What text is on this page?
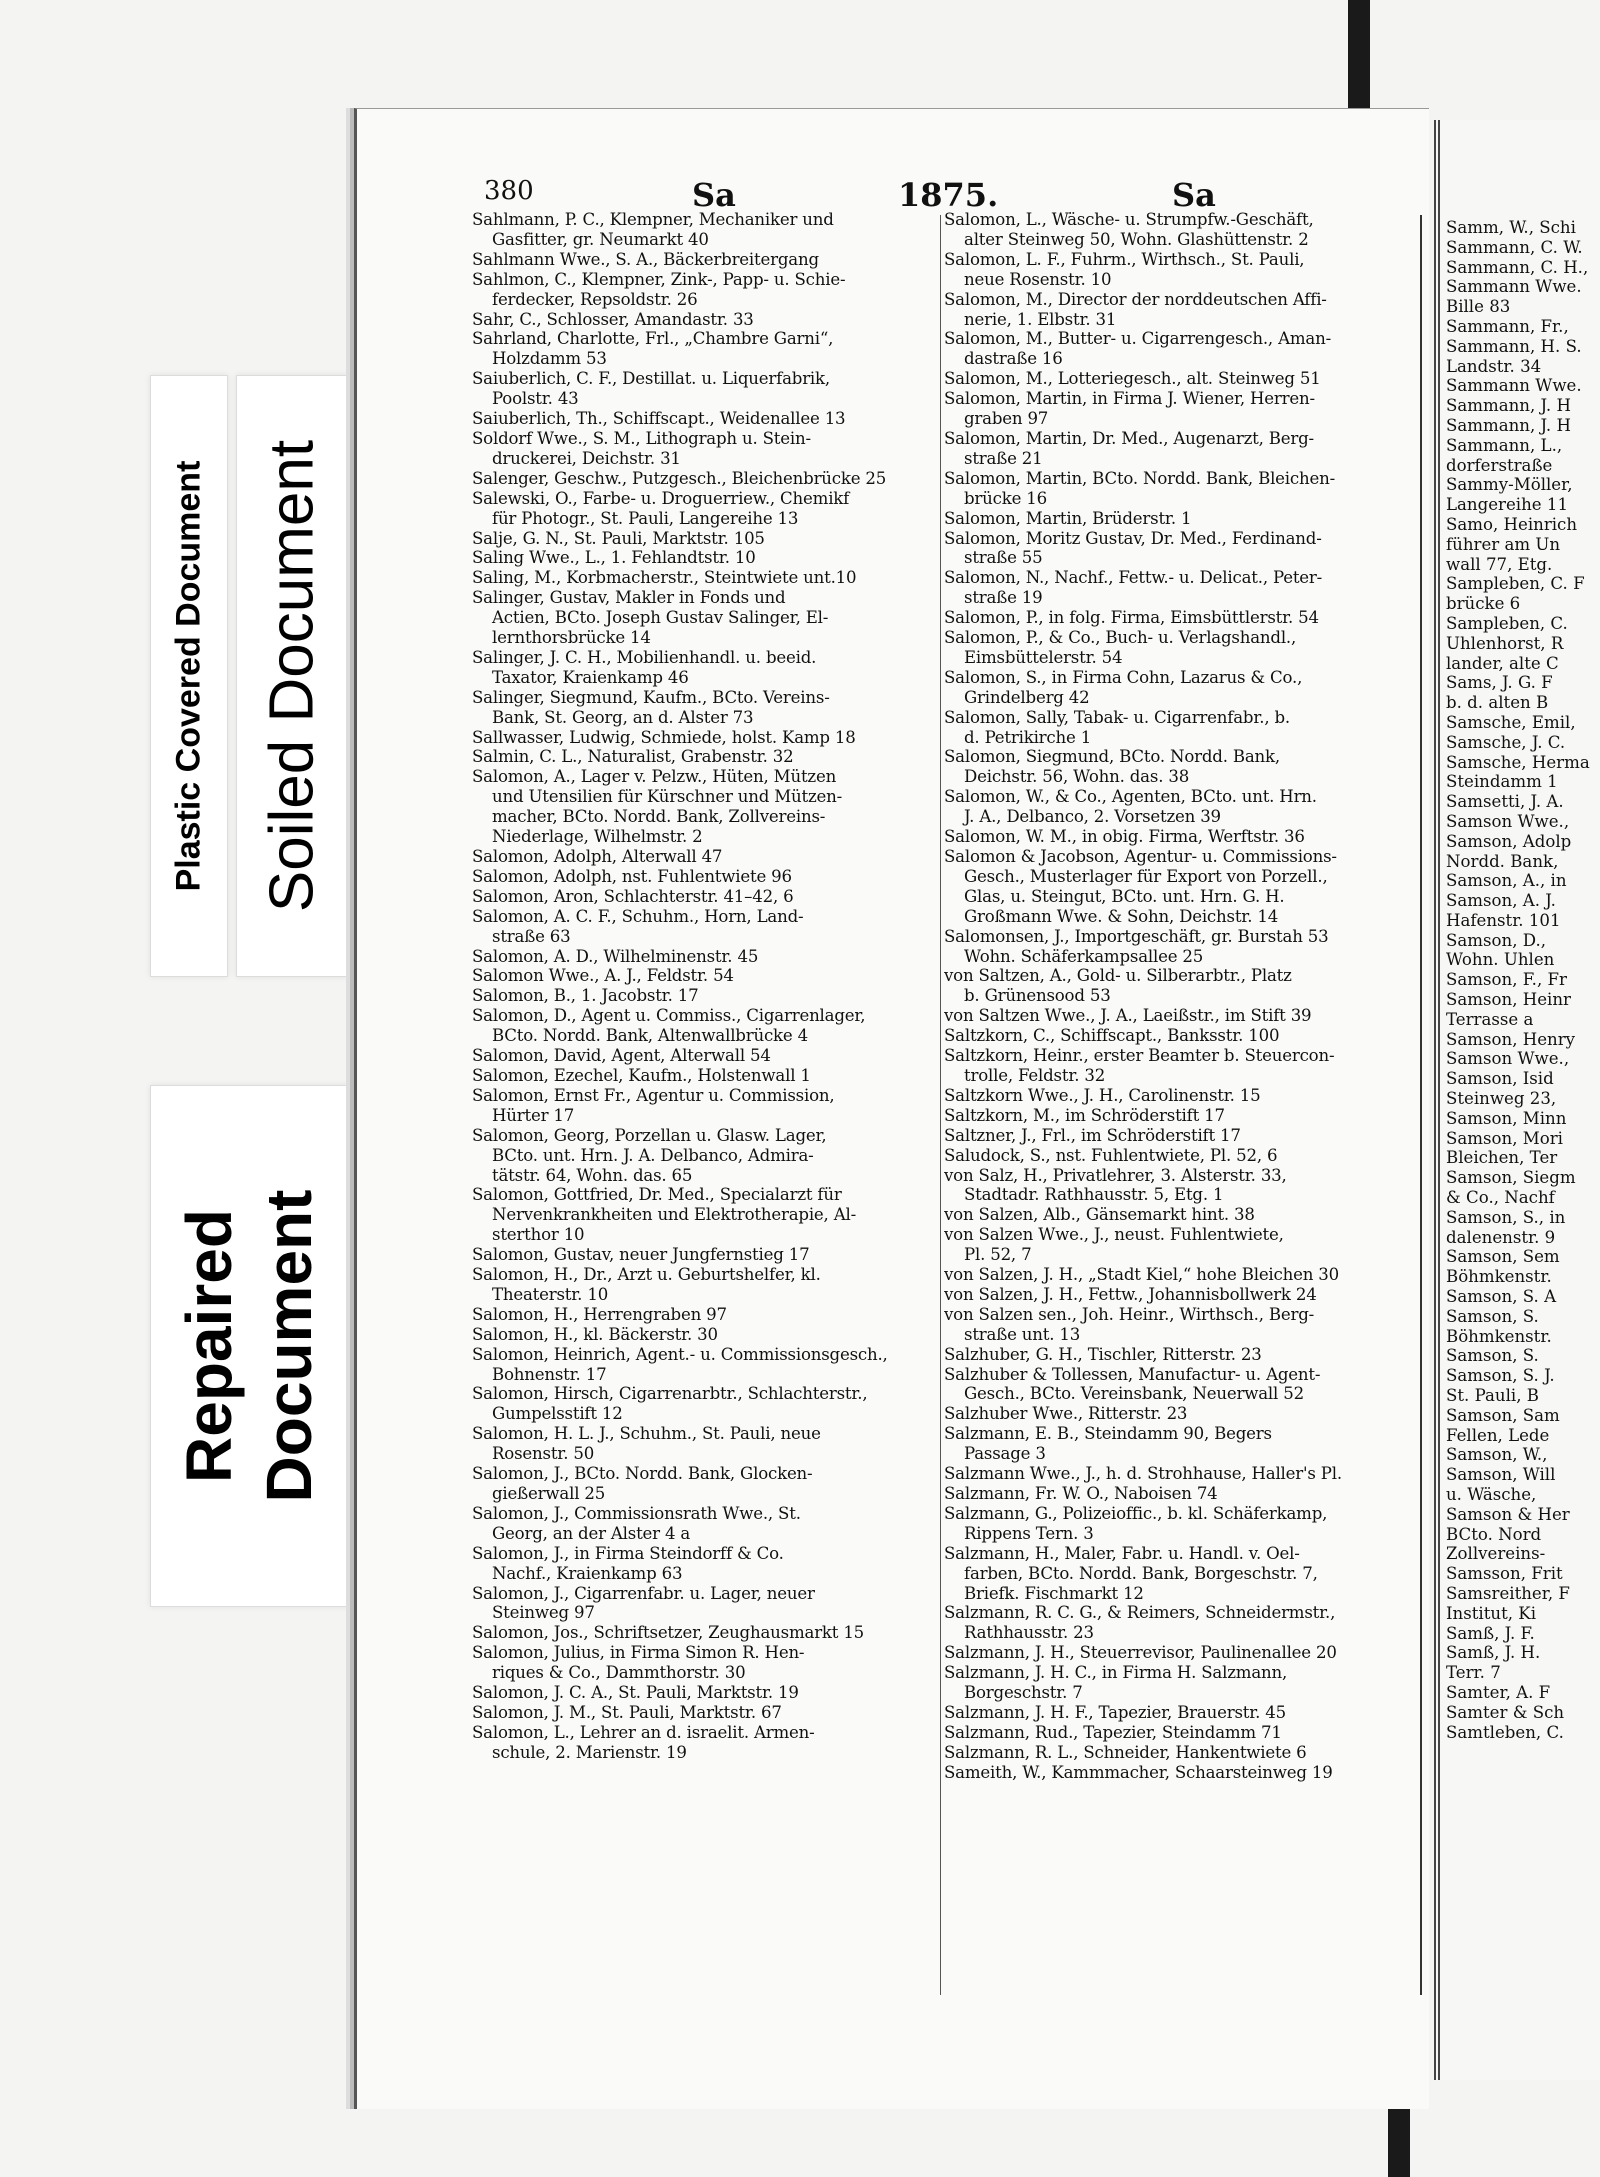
Plastic Covered Document Soiled Document
Repaired Document
380	Sa	1875.	Sa
Sahlmann, P. C., Klempner, Mechaniker und
Gasfitter, gr. Neumarkt 40
Sahlmann Wwe., S. A., Bäckerbreitergang
Sahlmon, C., Klempner, Zink-, Papp- u. Schie-
ferdecker, Repsoldstr. 26
Sahr, C., Schlosser, Amandastr. 33
Sahrland, Charlotte, Frl., „Chambre Garni“,
Holzdamm 53
Saiuberlich, C. F., Destillat. u. Liquerfabrik,
Poolstr. 43
Saiuberlich, Th., Schiffscapt., Weidenallee 13
Soldorf Wwe., S. M., Lithograph u. Stein-
druckerei, Deichstr. 31
Salenger, Geschw., Putzgesch., Bleichenbrücke 25
Salewski, O., Farbe- u. Droguerriew., Chemikf
für Photogr., St. Pauli, Langereihe 13
Salje, G. N., St. Pauli, Marktstr. 105
Saling Wwe., L., 1. Fehlandtstr. 10
Saling, M., Korbmacherstr., Steintwiete unt.10
Salinger, Gustav, Makler in Fonds und
Actien, BCto. Joseph Gustav Salinger, El-
lernthorsbrücke 14
Salinger, J. C. H., Mobilienhandl. u. beeid.
Taxator, Kraienkamp 46
Salinger, Siegmund, Kaufm., BCto. Vereins-
Bank, St. Georg, an d. Alster 73
Sallwasser, Ludwig, Schmiede, holst. Kamp 18
Salmin, C. L., Naturalist, Grabenstr. 32
Salomon, A., Lager v. Pelzw., Hüten, Mützen
und Utensilien für Kürschner und Mützen-
macher, BCto. Nordd. Bank, Zollvereins-
Niederlage, Wilhelmstr. 2
Salomon, Adolph, Alterwall 47
Salomon, Adolph, nst. Fuhlentwiete 96
Salomon, Aron, Schlachterstr. 41–42, 6
Salomon, A. C. F., Schuhm., Horn, Land-
straße 63
Salomon, A. D., Wilhelminenstr. 45
Salomon Wwe., A. J., Feldstr. 54
Salomon, B., 1. Jacobstr. 17
Salomon, D., Agent u. Commiss., Cigarrenlager,
BCto. Nordd. Bank, Altenwallbrücke 4
Salomon, David, Agent, Alterwall 54
Salomon, Ezechel, Kaufm., Holstenwall 1
Salomon, Ernst Fr., Agentur u. Commission,
Hürter 17
Salomon, Georg, Porzellan u. Glasw. Lager,
BCto. unt. Hrn. J. A. Delbanco, Admira-
tätstr. 64, Wohn. das. 65
Salomon, Gottfried, Dr. Med., Specialarzt für
Nervenkrankheiten und Elektrotherapie, Al-
sterthor 10
Salomon, Gustav, neuer Jungfernstieg 17
Salomon, H., Dr., Arzt u. Geburtshelfer, kl.
Theaterstr. 10
Salomon, H., Herrengraben 97
Salomon, H., kl. Bäckerstr. 30
Salomon, Heinrich, Agent.- u. Commissionsgesch.,
Bohnenstr. 17
Salomon, Hirsch, Cigarrenarbtr., Schlachterstr.,
Gumpelsstift 12
Salomon, H. L. J., Schuhm., St. Pauli, neue
Rosenstr. 50
Salomon, J., BCto. Nordd. Bank, Glocken-
gießerwall 25
Salomon, J., Commissionsrath Wwe., St.
Georg, an der Alster 4 a
Salomon, J., in Firma Steindorff & Co.
Nachf., Kraienkamp 63
Salomon, J., Cigarrenfabr. u. Lager, neuer
Steinweg 97
Salomon, Jos., Schriftsetzer, Zeughausmarkt 15
Salomon, Julius, in Firma Simon R. Hen-
riques & Co., Dammthorstr. 30
Salomon, J. C. A., St. Pauli, Marktstr. 19
Salomon, J. M., St. Pauli, Marktstr. 67
Salomon, L., Lehrer an d. israelit. Armen-
schule, 2. Marienstr. 19
Salomon, L., Wäsche- u. Strumpfw.-Geschäft,
alter Steinweg 50, Wohn. Glashüttenstr. 2
Salomon, L. F., Fuhrm., Wirthsch., St. Pauli,
neue Rosenstr. 10
Salomon, M., Director der norddeutschen Affi-
nerie, 1. Elbstr. 31
Salomon, M., Butter- u. Cigarrengesch., Aman-
dastraße 16
Salomon, M., Lotteriegesch., alt. Steinweg 51
Salomon, Martin, in Firma J. Wiener, Herren-
graben 97
Salomon, Martin, Dr. Med., Augenarzt, Berg-
straße 21
Salomon, Martin, BCto. Nordd. Bank, Bleichen-
brücke 16
Salomon, Martin, Brüderstr. 1
Salomon, Moritz Gustav, Dr. Med., Ferdinand-
straße 55
Salomon, N., Nachf., Fettw.- u. Delicat., Peter-
straße 19
Salomon, P., in folg. Firma, Eimsbüttlerstr. 54
Salomon, P., & Co., Buch- u. Verlagshandl.,
Eimsbüttelerstr. 54
Salomon, S., in Firma Cohn, Lazarus & Co.,
Grindelberg 42
Salomon, Sally, Tabak- u. Cigarrenfabr., b.
d. Petrikirche 1
Salomon, Siegmund, BCto. Nordd. Bank,
Deichstr. 56, Wohn. das. 38
Salomon, W., & Co., Agenten, BCto. unt. Hrn.
J. A., Delbanco, 2. Vorsetzen 39
Salomon, W. M., in obig. Firma, Werftstr. 36
Salomon & Jacobson, Agentur- u. Commissions-
Gesch., Musterlager für Export von Porzell.,
Glas, u. Steingut, BCto. unt. Hrn. G. H.
Großmann Wwe. & Sohn, Deichstr. 14
Salomonsen, J., Importgeschäft, gr. Burstah 53
Wohn. Schäferkampsallee 25
von Saltzen, A., Gold- u. Silberarbtr., Platz
b. Grünensood 53
von Saltzen Wwe., J. A., Laeißstr., im Stift 39
Saltzkorn, C., Schiffscapt., Banksstr. 100
Saltzkorn, Heinr., erster Beamter b. Steuercon-
trolle, Feldstr. 32
Saltzkorn Wwe., J. H., Carolinenstr. 15
Saltzkorn, M., im Schröderstift 17
Saltzner, J., Frl., im Schröderstift 17
Saludock, S., nst. Fuhlentwiete, Pl. 52, 6
von Salz, H., Privatlehrer, 3. Alsterstr. 33,
Stadtadr. Rathhausstr. 5, Etg. 1
von Salzen, Alb., Gänsemarkt hint. 38
von Salzen Wwe., J., neust. Fuhlentwiete,
Pl. 52, 7
von Salzen, J. H., „Stadt Kiel,“ hohe Bleichen 30
von Salzen, J. H., Fettw., Johannisbollwerk 24
von Salzen sen., Joh. Heinr., Wirthsch., Berg-
straße unt. 13
Salzhuber, G. H., Tischler, Ritterstr. 23
Salzhuber & Tollessen, Manufactur- u. Agent-
Gesch., BCto. Vereinsbank, Neuerwall 52
Salzhuber Wwe., Ritterstr. 23
Salzmann, E. B., Steindamm 90, Begers
Passage 3
Salzmann Wwe., J., h. d. Strohhause, Haller's Pl.
Salzmann, Fr. W. O., Naboisen 74
Salzmann, G., Polizeioffic., b. kl. Schäferkamp,
Rippens Tern. 3
Salzmann, H., Maler, Fabr. u. Handl. v. Oel-
farben, BCto. Nordd. Bank, Borgeschstr. 7,
Briefk. Fischmarkt 12
Salzmann, R. C. G., & Reimers, Schneidermstr.,
Rathhausstr. 23
Salzmann, J. H., Steuerrevisor, Paulinenallee 20
Salzmann, J. H. C., in Firma H. Salzmann,
Borgeschstr. 7
Salzmann, J. H. F., Tapezier, Brauerstr. 45
Salzmann, Rud., Tapezier, Steindamm 71
Salzmann, R. L., Schneider, Hankentwiete 6
Sameith, W., Kammmacher, Schaarsteinweg 19
Samm, W., Schi
Sammann, C. W.
Sammann, C. H.,
Sammann Wwe.
Bille 83
Sammann, Fr.,
Sammann, H. S.
Landstr. 34
Sammann Wwe.
Sammann, J. H
Sammann, J. H
Sammann, L.,
dorferstraße
Sammy-Möller,
Langereihe 11
Samo, Heinrich
führer am Un
wall 77, Etg.
Sampleben, C. F
brücke 6
Sampleben, C.
Uhlenhorst, R
lander, alte C
Sams, J. G. F
b. d. alten B
Samsche, Emil,
Samsche, J. C.
Samsche, Herma
Steindamm 1
Samsetti, J. A.
Samson Wwe.,
Samson, Adolp
Nordd. Bank,
Samson, A., in
Samson, A. J.
Hafenstr. 101
Samson, D.,
Wohn. Uhlen
Samson, F., Fr
Samson, Heinr
Terrasse a
Samson, Henry
Samson Wwe.,
Samson, Isid
Steinweg 23,
Samson, Minn
Samson, Mori
Bleichen, Ter
Samson, Siegm
& Co., Nachf
Samson, S., in
dalenenstr. 9
Samson, Sem
Böhmkenstr.
Samson, S. A
Samson, S.
Böhmkenstr.
Samson, S.
Samson, S. J.
St. Pauli, B
Samson, Sam
Fellen, Lede
Samson, W.,
Samson, Will
u. Wäsche,
Samson & Her
BCto. Nord
Zollvereins-
Samsson, Frit
Samsreither, F
Institut, Ki
Samß, J. F.
Samß, J. H.
Terr. 7
Samter, A. F
Samter & Sch
Samtleben, C.
